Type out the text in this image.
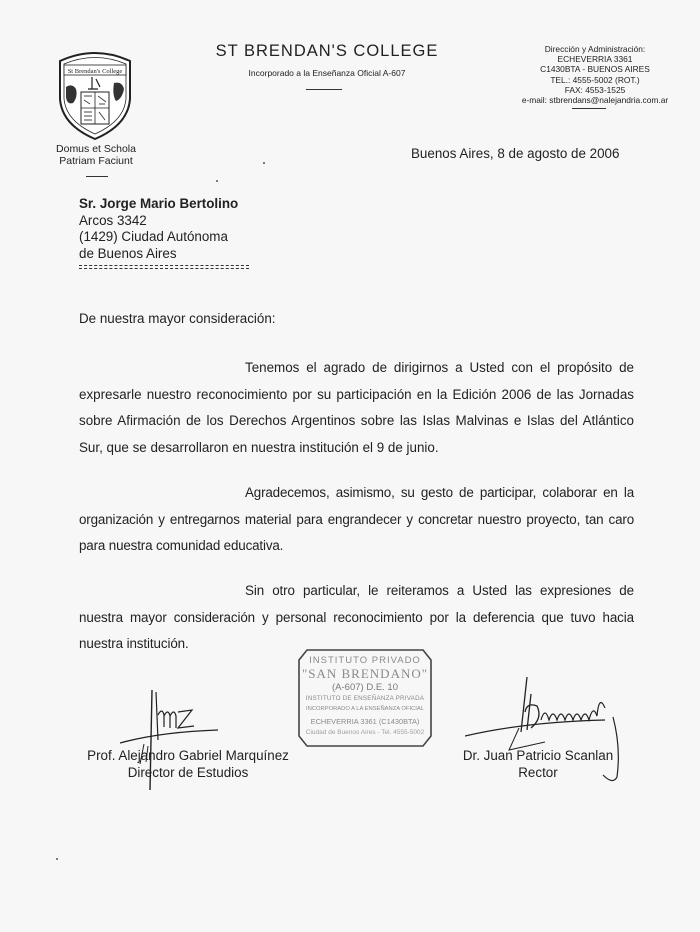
St Brendan's College
Domus et Schola
Patriam Faciunt
ST BRENDAN'S COLLEGE
Incorporado a la Enseñanza Oficial A-607
Dirección y Administración:
ECHEVERRIA 3361
C1430BTA - BUENOS AIRES
TEL.: 4555-5002 (ROT.)
FAX: 4553-1525
e-mail: stbrendans@nalejandria.com.ar
Buenos Aires, 8 de agosto de 2006
Sr. Jorge Mario Bertolino
Arcos 3342
(1429) Ciudad Autónoma
de Buenos Aires
De nuestra mayor consideración:
Tenemos el agrado de dirigirnos a Usted con el propósito de expresarle nuestro reconocimiento por su participación en la Edición 2006 de las Jornadas sobre Afirmación de los Derechos Argentinos sobre las Islas Malvinas e Islas del Atlántico Sur, que se desarrollaron en nuestra institución el 9 de junio.
Agradecemos, asimismo, su gesto de participar, colaborar en la organización y entregarnos material para engrandecer y concretar nuestro proyecto, tan caro para nuestra comunidad educativa.
Sin otro particular, le reiteramos a Usted las expresiones de nuestra mayor consideración y personal reconocimiento por la deferencia que tuvo hacia nuestra institución.
INSTITUTO PRIVADO
"SAN BRENDANO"
(A-607) D.E. 10
INSTITUTO DE ENSEÑANZA PRIVADA
INCORPORADO A LA ENSEÑANZA OFICIAL
ECHEVERRIA 3361 (C1430BTA)
Ciudad de Buenos Aires - Tel. 4555-5002
Prof. Alejandro Gabriel Marquínez
Director de Estudios
Dr. Juan Patricio Scanlan
Rector
